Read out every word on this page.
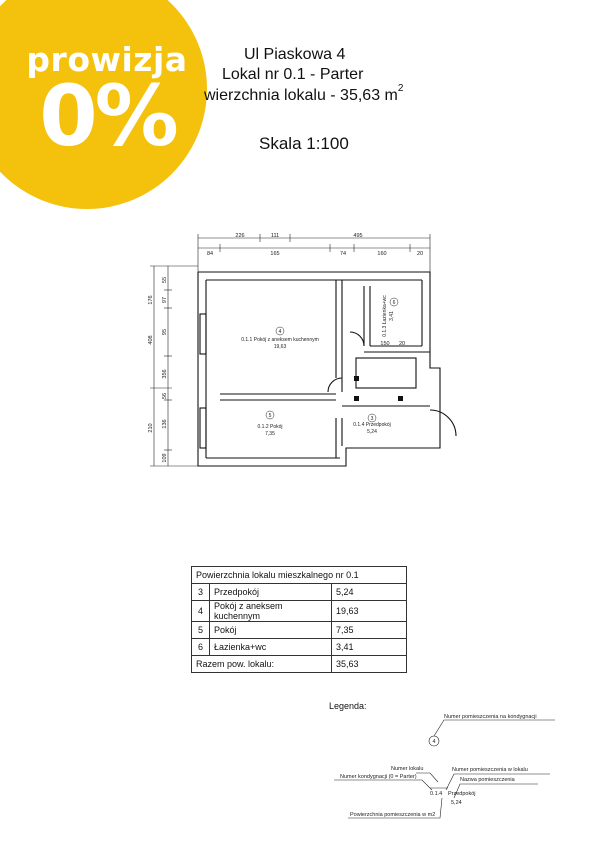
prowizja
0%
Ul Piaskowa 4
Lokal nr 0.1 - Parter
wierzchnia lokalu - 35,63 $m^2$
Skala 1:100
226	111	495
84	165	74	160	20
150 20
176
408
210
55
97
95
356
56
136
109
4
0.1.1 Pokój z aneksem kuchennym
19,63
5
0.1.2 Pokój
7,35
3
0.1.4 Przedpokój
5,24
6
0.1.3 Łazienka+wc 3,41
Powierzchnia lokalu mieszkalnego nr 0.1		
3	Przedpokój	5,24
4	Pokój z aneksem kuchennym	19,63
5	Pokój	7,35
6	Łazienka+wc	3,41
Razem pow. lokalu:		35,63
Legenda:
Numer pomieszczenia na kondygnacji
4
Numer lokalu
Numer kondygnacji (0 = Parter)
Numer pomieszczenia w lokalu
Nazwa pomieszczenia
0.1.4 Przedpokój
5,24
Powierzchnia pomieszczenia w m2
